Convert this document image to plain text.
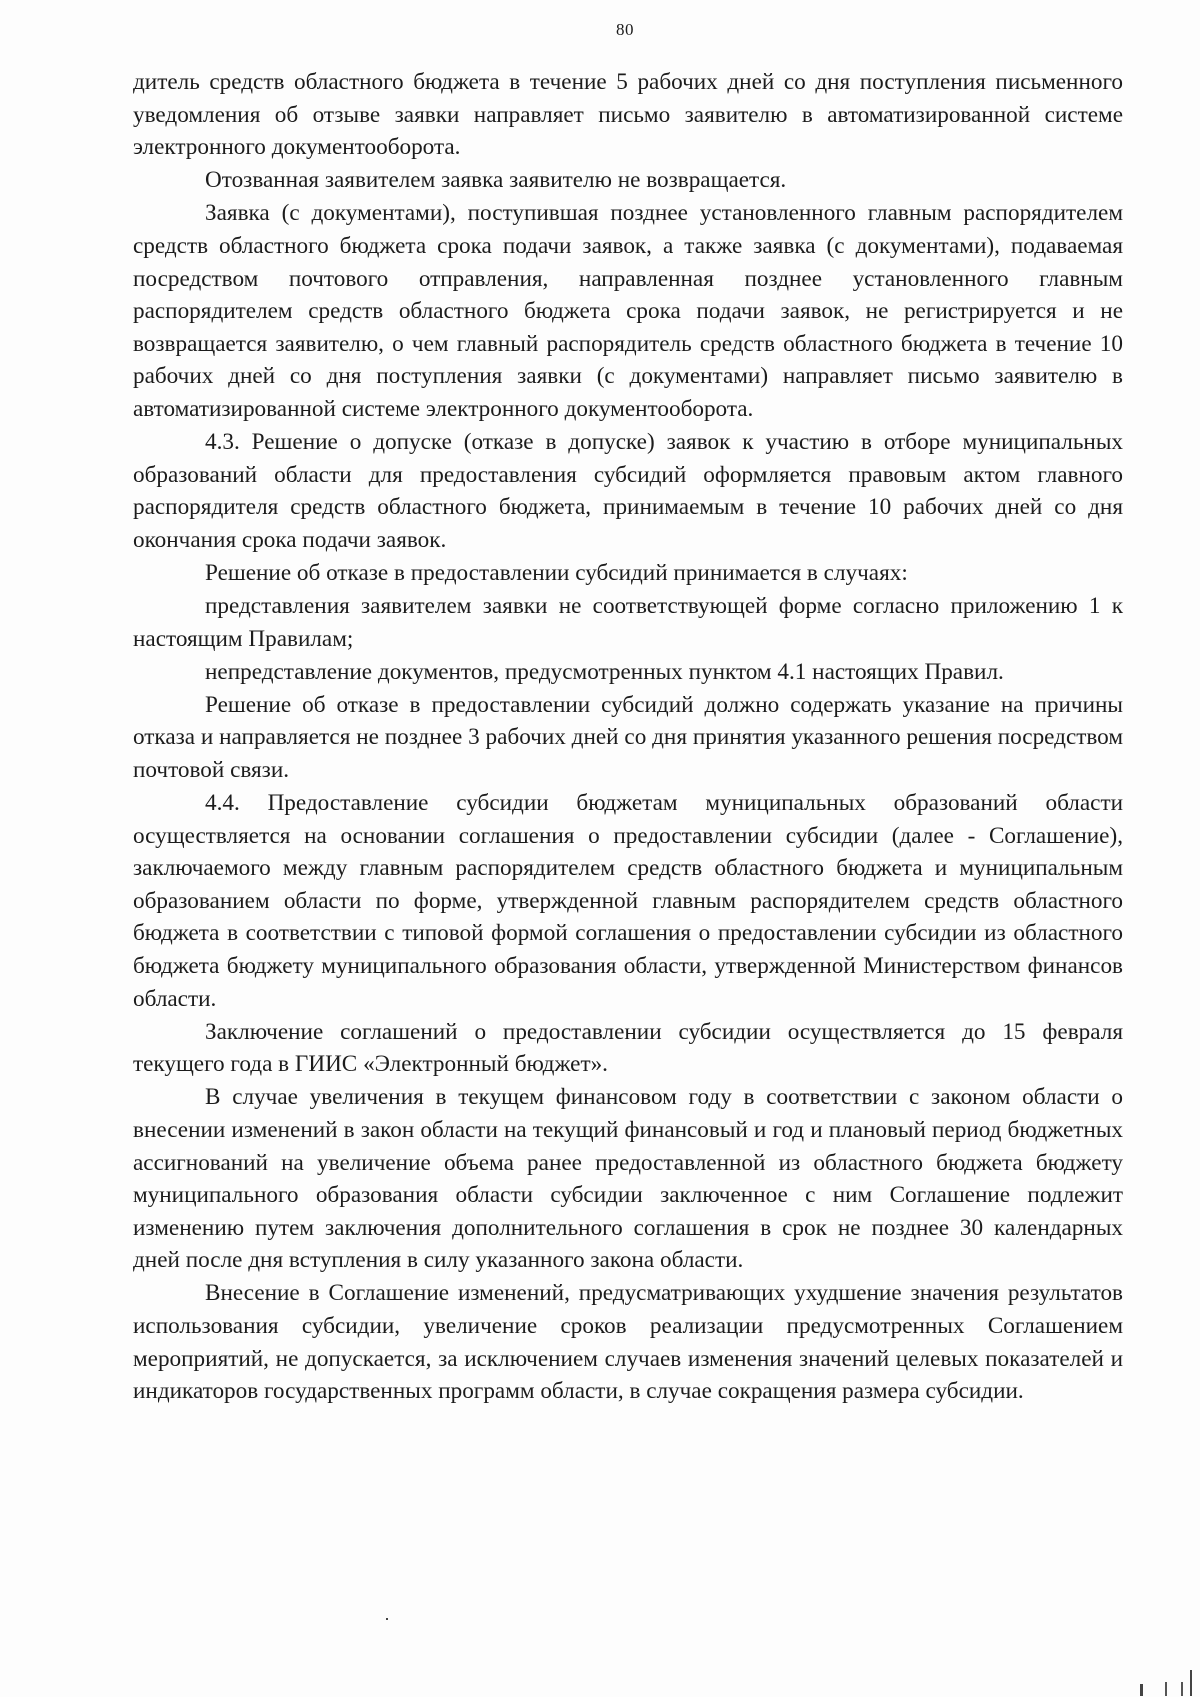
80

дитель средств областного бюджета в течение 5 рабочих дней со дня поступления письменного уведомления об отзыве заявки направляет письмо заявителю в автоматизированной системе электронного документооборота.

Отозванная заявителем заявка заявителю не возвращается.

Заявка (с документами), поступившая позднее установленного главным распорядителем средств областного бюджета срока подачи заявок, а также заявка (с документами), подаваемая посредством почтового отправления, направленная позднее установленного главным распорядителем средств областного бюджета срока подачи заявок, не регистрируется и не возвращается заявителю, о чем главный распорядитель средств областного бюджета в течение 10 рабочих дней со дня поступления заявки (с документами) направляет письмо заявителю в автоматизированной системе электронного документооборота.

4.3. Решение о допуске (отказе в допуске) заявок к участию в отборе муниципальных образований области для предоставления субсидий оформляется правовым актом главного распорядителя средств областного бюджета, принимаемым в течение 10 рабочих дней со дня окончания срока подачи заявок.

Решение об отказе в предоставлении субсидий принимается в случаях:

представления заявителем заявки не соответствующей форме согласно приложению 1 к настоящим Правилам;

непредставление документов, предусмотренных пунктом 4.1 настоящих Правил.

Решение об отказе в предоставлении субсидий должно содержать указание на причины отказа и направляется не позднее 3 рабочих дней со дня принятия указанного решения посредством почтовой связи.

4.4. Предоставление субсидии бюджетам муниципальных образований области осуществляется на основании соглашения о предоставлении субсидии (далее - Соглашение), заключаемого между главным распорядителем средств областного бюджета и муниципальным образованием области по форме, утвержденной главным распорядителем средств областного бюджета в соответствии с типовой формой соглашения о предоставлении субсидии из областного бюджета бюджету муниципального образования области, утвержденной Министерством финансов области.

Заключение соглашений о предоставлении субсидии осуществляется до 15 февраля текущего года в ГИИС «Электронный бюджет».

В случае увеличения в текущем финансовом году в соответствии с законом области о внесении изменений в закон области на текущий финансовый и год и плановый период бюджетных ассигнований на увеличение объема ранее предоставленной из областного бюджета бюджету муниципального образования области субсидии заключенное с ним Соглашение подлежит изменению путем заключения дополнительного соглашения в срок не позднее 30 календарных дней после дня вступления в силу указанного закона области.

Внесение в Соглашение изменений, предусматривающих ухудшение значения результатов использования субсидии, увеличение сроков реализации предусмотренных Соглашением мероприятий, не допускается, за исключением случаев изменения значений целевых показателей и индикаторов государственных программ области, в случае сокращения размера субсидии.
